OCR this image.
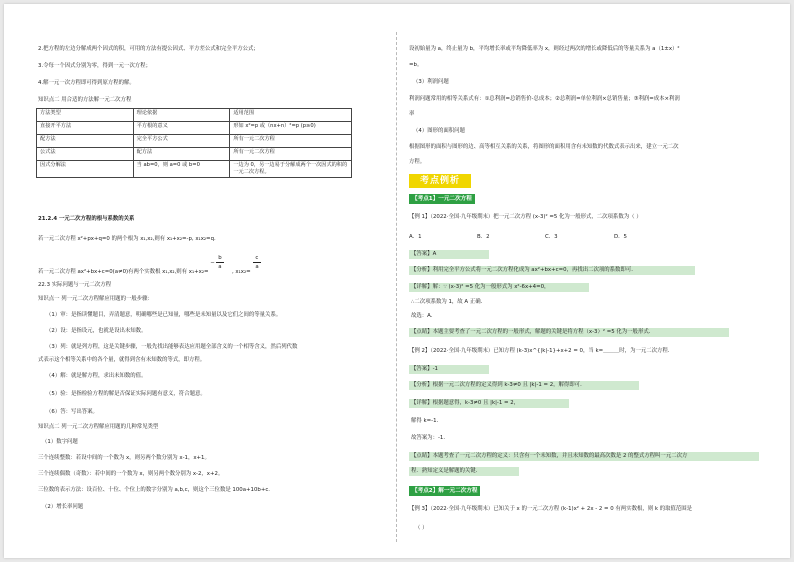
2.把方程的左边分解成两个因式的积，可用的方法有提公因式、平方差公式和完全平方公式；
3.令每一个因式分别为零，得到一元一次方程；
4.解一元一次方程即可得到原方程的解。
知识点二 用合适的方法解一元二次方程
方法类型	理论依据	适用范围
直接开平方法	平方根的意义	形如 x²=p 或（nx+n）²=p (p≥0)
配方法	完全平方公式	所有一元二次方程
公式法	配方法	所有一元二次方程
因式分解法	当 ab=0，则 a=0 或 b=0	一边为 0，另一边易于分解成两个一次因式的积的一元二次方程。
21.2.4 一元二次方程的根与系数的关系
若一元二次方程 x²+px+q=0 的两个根为 x₁,x₂,则有 x₁+x₂=-p, x₁x₂=q.
若一元二次方程 ax²+bx+c=0(a≠0)有两个实数根 x₁,x₂,则有 x₁+x₂=
−
b
a
, $x_1x_2= \frac{c}{a}$
22.3 实际问题与一元二次方程
知识点一 列一元二次方程解应用题的一般步骤：
（1）审：是指读懂题目，弄清题意，明确哪些是已知量，哪些是未知量以及它们之间的等量关系。
（2）设：是指设元，也就是设出未知数。
（3）列：就是列方程，这是关键步骤，一般先找出能够表达应用题全部含义的一个相等含义，然后列代数
式表示这个相等关系中的各个量，就得到含有未知数的等式，即方程。
（4）解：就是解方程，求出未知数的值。
（5）验：是指检验方程的解是否保证实际问题有意义，符合题意。
（6）答：写出答案。
知识点二 列一元二次方程解应用题的几种常见类型
（1）数字问题
三个连续整数：若设中间的一个数为 x，则另两个数分别为 x-1，x+1。
三个连续偶数（奇数）：若中间的一个数为 x，则另两个数分别为 x-2，x+2。
三位数的表示方法：设百位、十位、个位上的数字分别为 a,b,c，则这个三位数是 100a+10b+c.
（2）增长率问题
设初始量为 a，终止量为 b，平均增长率或平均降低率为 x，则经过两次的增长或降低后的等量关系为 a（1±x）²
=b。
（3）利润问题
利润问题常用的相等关系式有：①总利润=总销售价-总成本；②总利润=单位利润×总销售量；③利润=成本×利润
率
（4）图形的面积问题
根据图形的面积与图形的边、高等相互关系的关系，将图形的面积用含有未知数的代数式表示出来，建立一元二次
方程。
考点例析
【考点1】一元二次方程
【例 1】（2022·全国·九年级期末）把一元二次方程 (x-3)² =5 化为一般形式，二次项系数为（ ）
A．1	B．2	C．3	D．5
【答案】A
【分析】利用完全平方公式将一元二次方程化成为 ax²+bx+c=0，再找出二次项的系数即可．
【详解】解：∵ (x-3)² =5 化为一般形式为 x²-6x+4=0，
∴二次项系数为 1，故 A 正确．
故选：A．
【点睛】本题主要考查了一元二次方程的一般形式，解题的关键是将方程（x-3）² =5 化为一般形式．
【例 2】（2022·全国·九年级期末）已知方程 (k-3)x^{|k|-1}+x+2 = 0，当 k=＿＿＿时，为一元二次方程．
【答案】-1
【分析】根据一元二次方程的定义得到 k-3≠0 且 |k|-1 = 2，解得即可．
【详解】根据题意得，k-3≠0 且 |k|-1 = 2，
解得 k=-1．
故答案为：-1．
【点睛】本题考查了一元二次方程的定义：只含有一个未知数，并且未知数的最高次数是 2 的整式方程叫一元二次方
程．熟知定义是解题的关键．
【考点2】解一元二次方程
【例 3】（2022·全国·九年级期末）已知关于 x 的一元二次方程 (k-1)x² + 2x - 2 = 0 有两实数根，则 k 的取值范围是
（ ）
